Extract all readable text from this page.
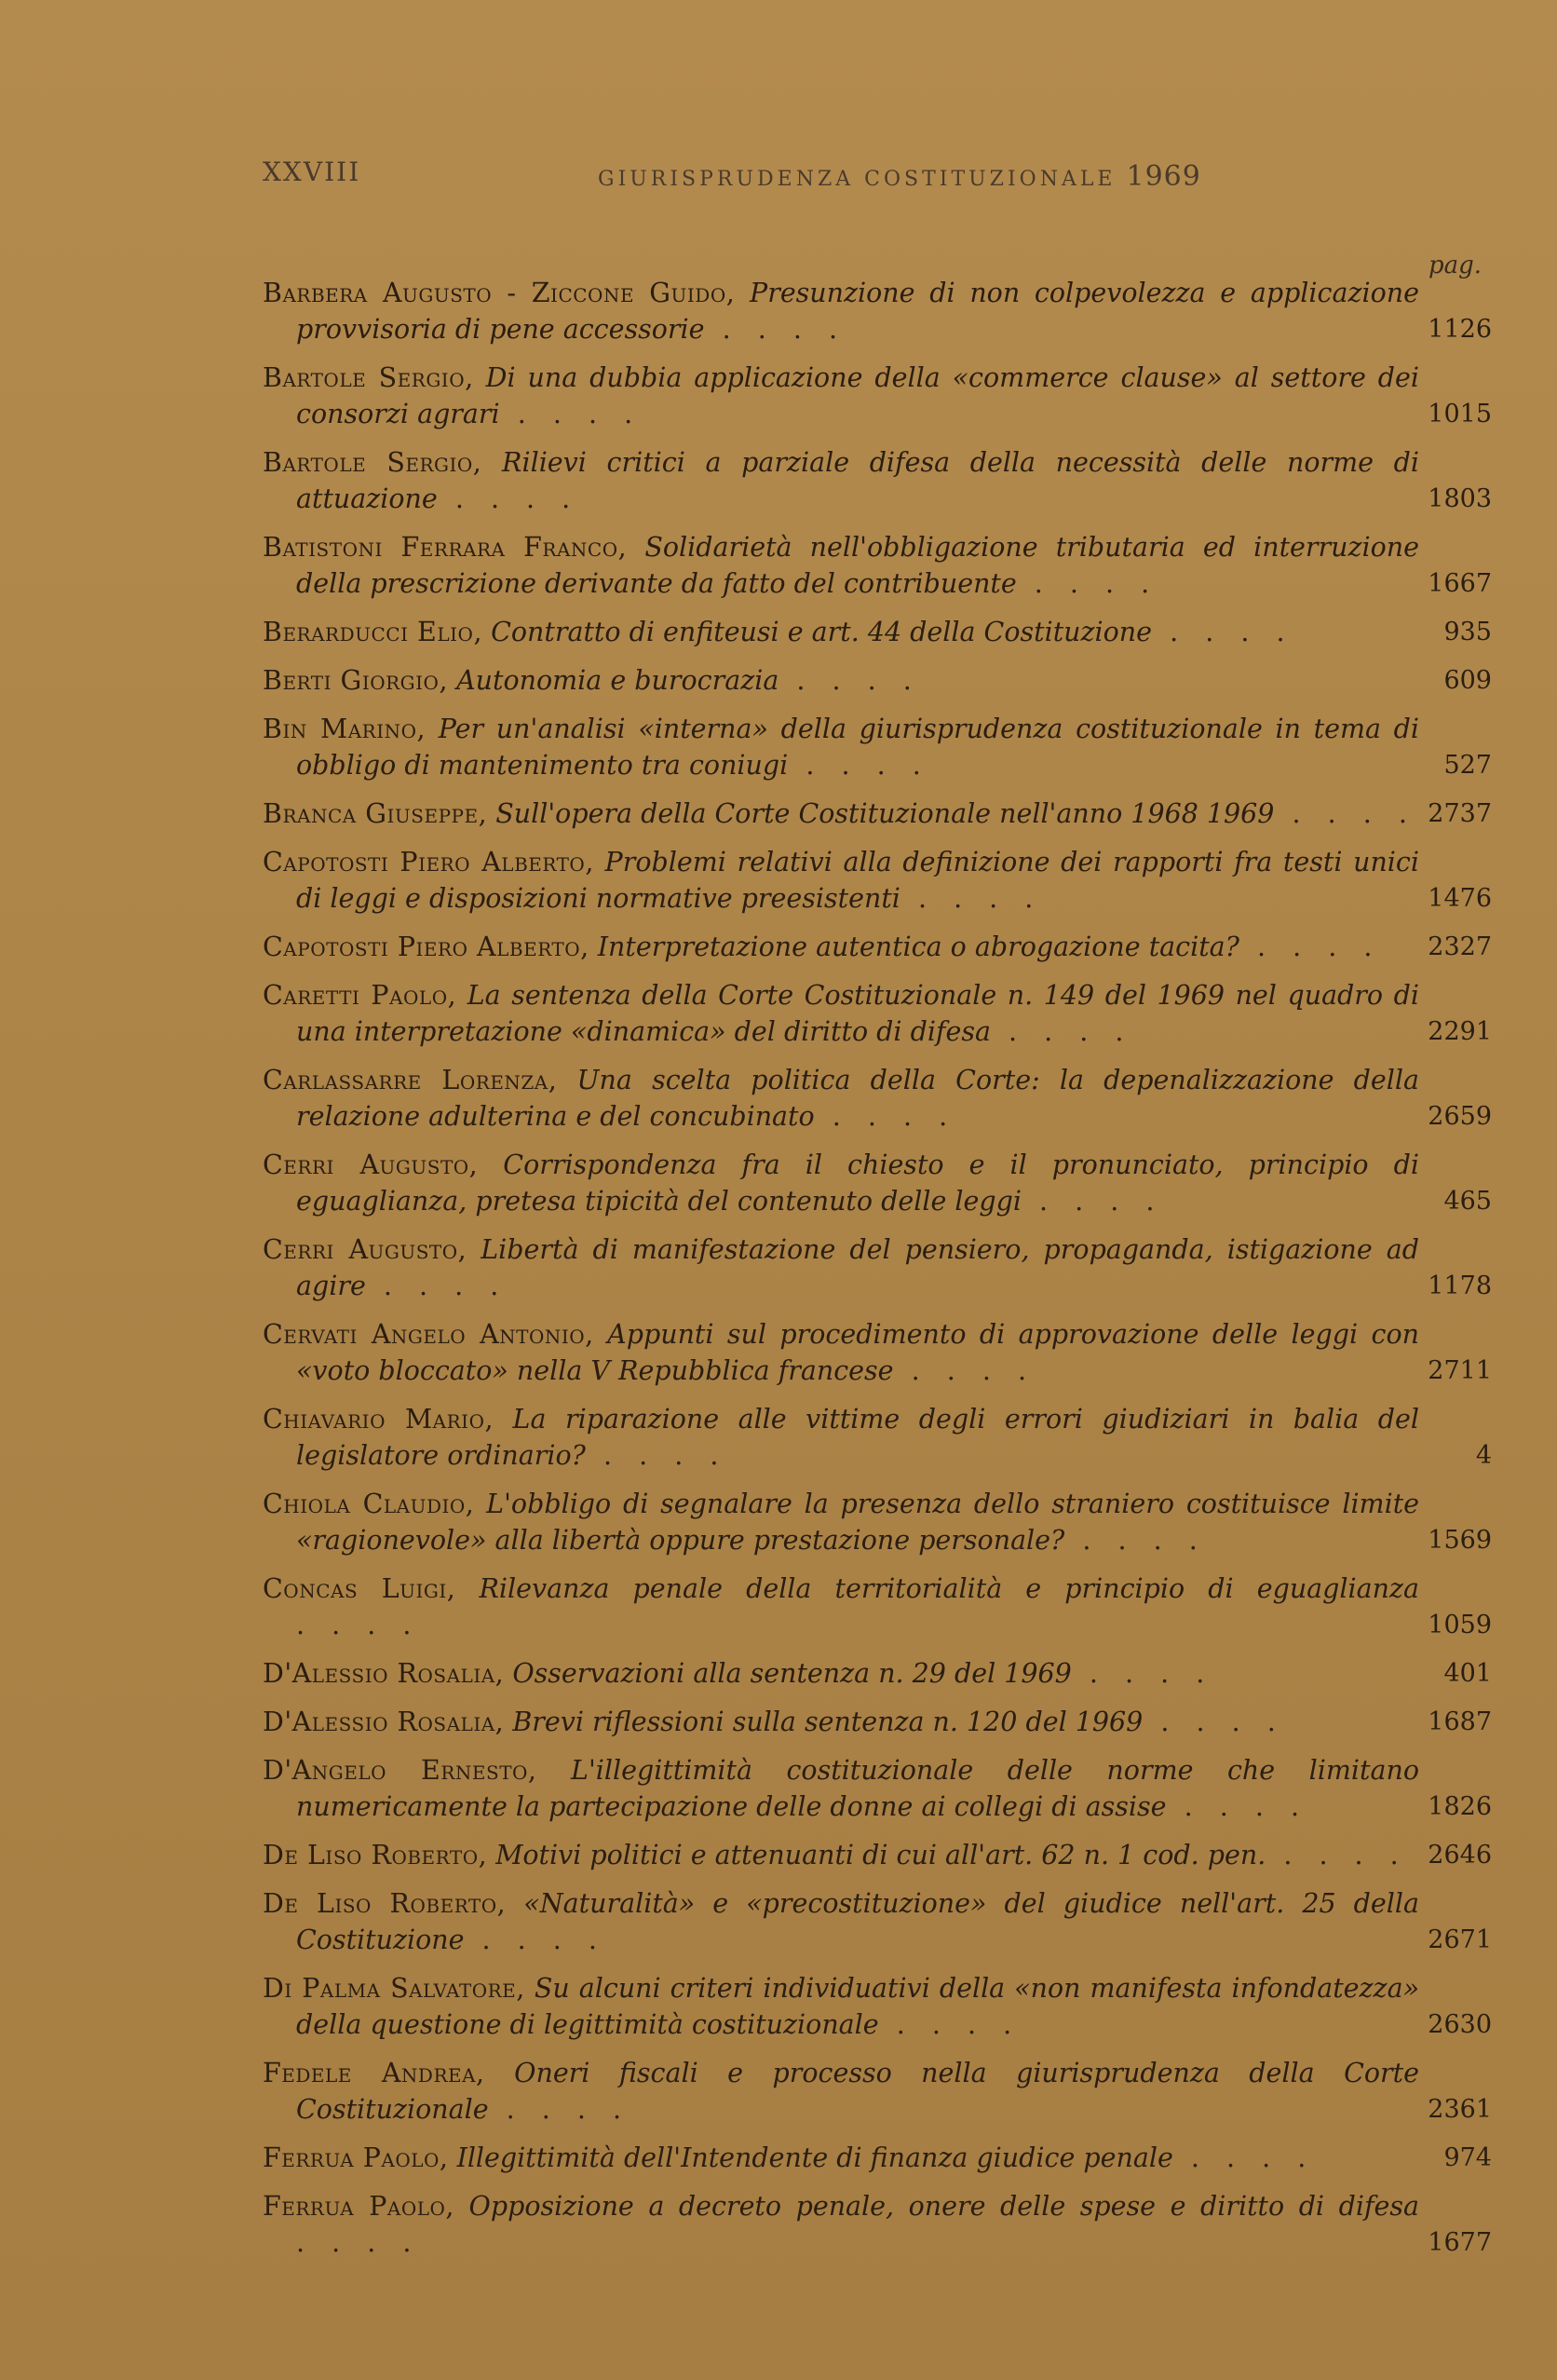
XXVIII	GIURISPRUDENZA COSTITUZIONALE 1969
pag.
Barbera Augusto - Ziccone Guido, Presunzione di non colpevolezza e applicazione provvisoria di pene accessorie . . . .	1126
Bartole Sergio, Di una dubbia applicazione della «commerce clause» al settore dei consorzi agrari . . . .	1015
Bartole Sergio, Rilievi critici a parziale difesa della necessità delle norme di attuazione . . . .	1803
Batistoni Ferrara Franco, Solidarietà nell'obbligazione tributaria ed interruzione della prescrizione derivante da fatto del contribuente . . . .	1667
Berarducci Elio, Contratto di enfiteusi e art. 44 della Costituzione . . . .	935
Berti Giorgio, Autonomia e burocrazia . . . .	609
Bin Marino, Per un'analisi «interna» della giurisprudenza costituzionale in tema di obbligo di mantenimento tra coniugi . . . .	527
Branca Giuseppe, Sull'opera della Corte Costituzionale nell'anno 1968 1969 . . . . 2737
Capotosti Piero Alberto, Problemi relativi alla definizione dei rapporti fra testi unici di leggi e disposizioni normative preesistenti . . . .	1476
Capotosti Piero Alberto, Interpretazione autentica o abrogazione tacita? . . . .	2327
Caretti Paolo, La sentenza della Corte Costituzionale n. 149 del 1969 nel quadro di una interpretazione «dinamica» del diritto di difesa . . . .	2291
Carlassarre Lorenza, Una scelta politica della Corte: la depenalizzazione della relazione adulterina e del concubinato . . . .	2659
Cerri Augusto, Corrispondenza fra il chiesto e il pronunciato, principio di eguaglianza, pretesa tipicità del contenuto delle leggi . . . .	465
Cerri Augusto, Libertà di manifestazione del pensiero, propaganda, istigazione ad agire . . . .	1178
Cervati Angelo Antonio, Appunti sul procedimento di approvazione delle leggi con «voto bloccato» nella V Repubblica francese . . . .	2711
Chiavario Mario, La riparazione alle vittime degli errori giudiziari in balia del legislatore ordinario? . . . .	4
Chiola Claudio, L'obbligo di segnalare la presenza dello straniero costituisce limite «ragionevole» alla libertà oppure prestazione personale? . . . .	1569
Concas Luigi, Rilevanza penale della territorialità e principio di eguaglianza . . . .	1059
D'Alessio Rosalia, Osservazioni alla sentenza n. 29 del 1969 . . . .	401
D'Alessio Rosalia, Brevi riflessioni sulla sentenza n. 120 del 1969 . . . .	1687
D'Angelo Ernesto, L'illegittimità costituzionale delle norme che limitano numericamente la partecipazione delle donne ai collegi di assise . . . .	1826
De Liso Roberto, Motivi politici e attenuanti di cui all'art. 62 n. 1 cod. pen. . . . . 2646
De Liso Roberto, «Naturalità» e «precostituzione» del giudice nell'art. 25 della Costituzione . . . .	2671
Di Palma Salvatore, Su alcuni criteri individuativi della «non manifesta infondatezza» della questione di legittimità costituzionale . . . .	2630
Fedele Andrea, Oneri fiscali e processo nella giurisprudenza della Corte Costituzionale . . . .	2361
Ferrua Paolo, Illegittimità dell'Intendente di finanza giudice penale . . . .	974
Ferrua Paolo, Opposizione a decreto penale, onere delle spese e diritto di difesa . . . .	1677
